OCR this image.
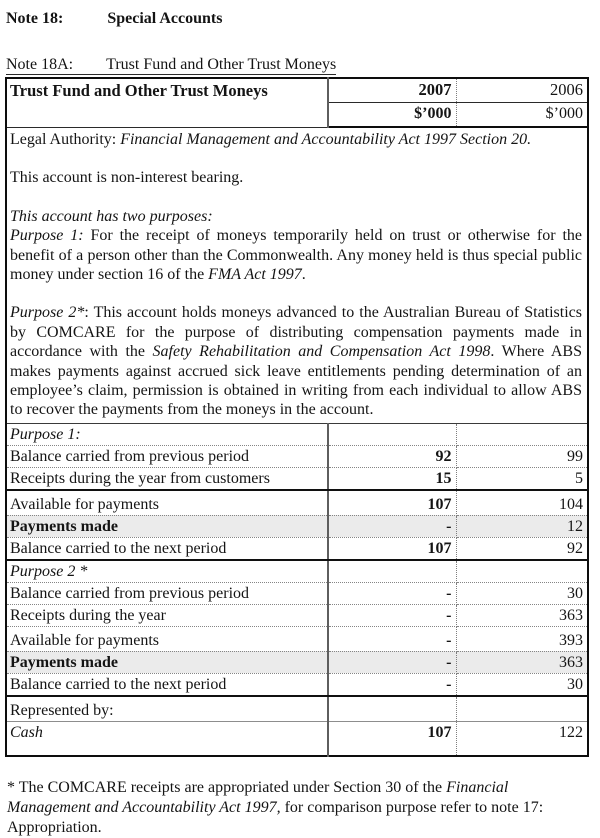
Note 18:	Special Accounts
Note 18A: Trust Fund and Other Trust Moneys
Trust Fund and Other Trust Moneys	2007	2006
	$’000	$’000

Legal Authority: Financial Management and Accountability Act 1997 Section 20.

This account is non-interest bearing.

This account has two purposes:

Purpose 1: For the receipt of moneys temporarily held on trust or otherwise for the benefit of a person other than the Commonwealth. Any money held is thus special public money under section 16 of the FMA Act 1997.

Purpose 2*: This account holds moneys advanced to the Australian Bureau of Statistics by COMCARE for the purpose of distributing compensation payments made in accordance with the Safety Rehabilitation and Compensation Act 1998. Where ABS makes payments against accrued sick leave entitlements pending determination of an employee’s claim, permission is obtained in writing from each individual to allow ABS to recover the payments from the moneys in the account.		

Purpose 1:		
Balance carried from previous period	92	99
Receipts during the year from customers	15	5
Available for payments	107	104
Payments made	-	12
Balance carried to the next period	107	92
Purpose 2 *		
Balance carried from previous period	-	30
Receipts during the year	-	363
Available for payments	-	393
Payments made	-	363
Balance carried to the next period	-	30
Represented by:		
Cash	107	122
* The COMCARE receipts are appropriated under Section 30 of the Financial Management and Accountability Act 1997, for comparison purpose refer to note 17: Appropriation.
